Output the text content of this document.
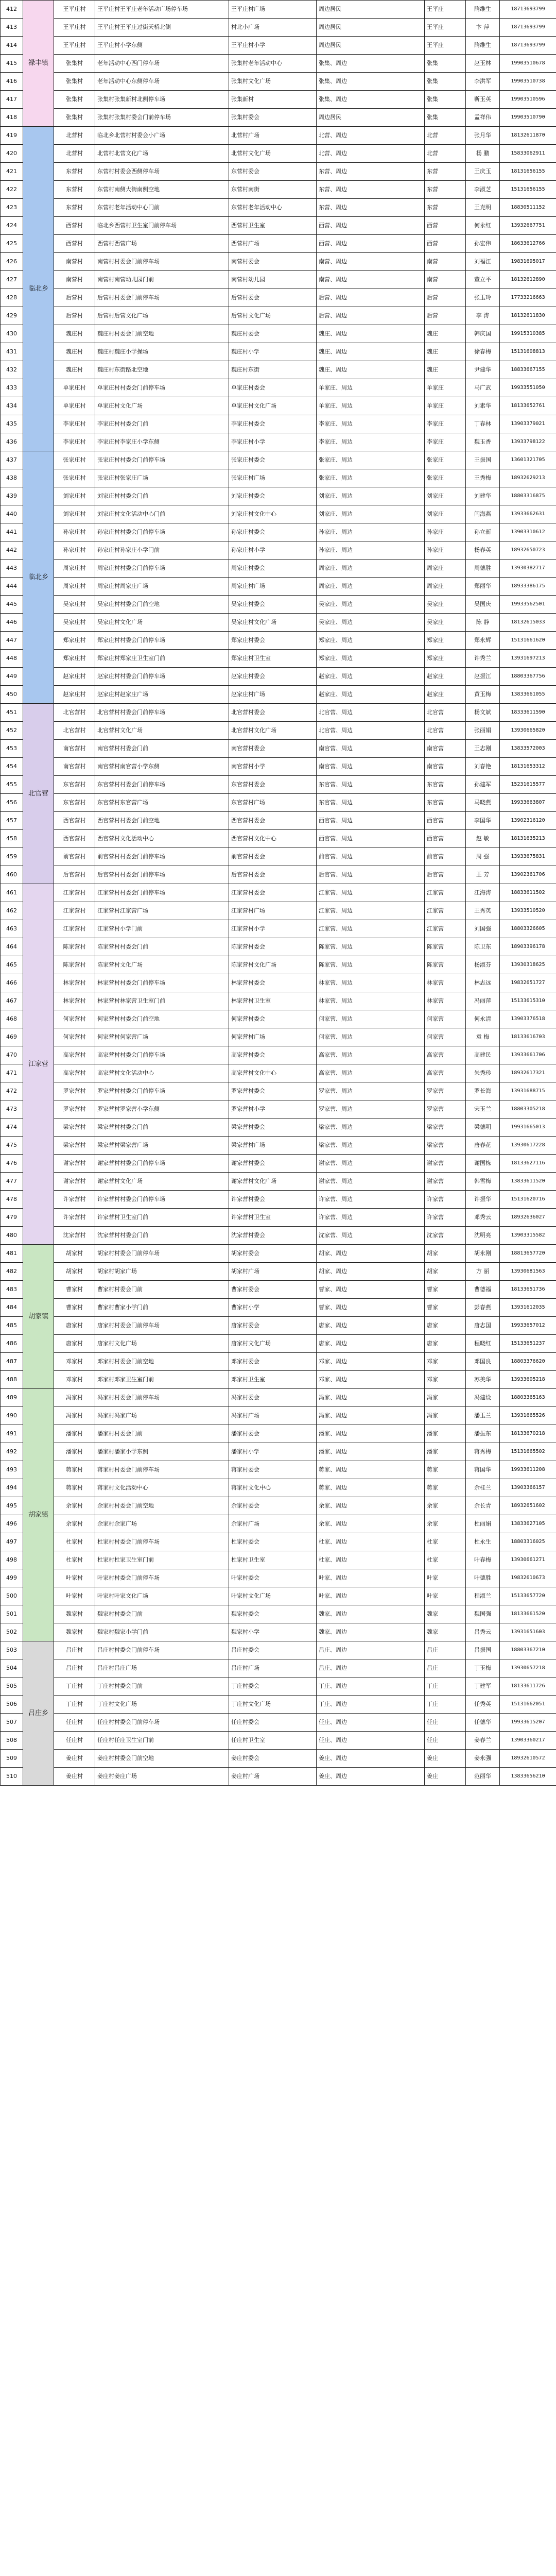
412	禄丰镇	王平庄村	王平庄村王平庄老年活动广场停车场	王平庄村广场	周边居民	王平庄	隋维生	18713693799
413		王平庄村	王平庄村王平庄过街天桥北侧	村北小广场	周边居民	王平庄	卞 萍	18713693799
414		王平庄村	王平庄村小学东侧	王平庄村小学	周边居民	王平庄	隋维生	18713693799
415		张集村	老年活动中心西门停车场	张集村老年活动中心	张集、周边	张集	赵玉林	19903510678
416		张集村	老年活动中心东侧停车场	张集村文化广场	张集、周边	张集	李洪军	19903510738
417		张集村	张集村张集新村北侧停车场	张集新村	张集、周边	张集	靳玉英	19903510596
418		张集村	张集村张集村委会门前停车场	张集村委会	周边居民	张集	孟祥伟	19903510790
419	临北乡	北营村	临北乡北营村村委会小广场	北营村广场	北营、周边	北营	张月华	18132611870
420		北营村	北营村北营文化广场	北营村文化广场	北营、周边	北营	杨 鹏	15833062911
421		东营村	东营村村委会西侧停车场	东营村委会	东营、周边	东营	王庆玉	18131656155
422		东营村	东营村南侧大街南侧空地	东营村南街	东营、周边	东营	李淑芝	15131656155
423		东营村	东营村老年活动中心门前	东营村老年活动中心	东营、周边	东营	王克明	18830511152
424		西营村	临北乡西营村卫生室门前停车场	西营村卫生室	西营、周边	西营	何永红	13932667751
425		西营村	西营村西营广场	西营村广场	西营、周边	西营	孙宏伟	18633612766
426		南营村	南营村村委会门前停车场	南营村委会	南营、周边	南营	刘福江	19831695017
427		南营村	南营村南营幼儿园门前	南营村幼儿园	南营、周边	南营	董立平	18132612890
428		后营村	后营村村委会门前停车场	后营村委会	后营、周边	后营	张玉玲	17733216663
429		后营村	后营村后营文化广场	后营村文化广场	后营、周边	后营	李 涛	18132611830
430		魏庄村	魏庄村村委会门前空地	魏庄村委会	魏庄、周边	魏庄	韩庆国	19915310385
431		魏庄村	魏庄村魏庄小学操场	魏庄村小学	魏庄、周边	魏庄	徐春梅	15131608813
432		魏庄村	魏庄村东街路北空地	魏庄村东街	魏庄、周边	魏庄	尹建华	18833667155
433		单家庄村	单家庄村村委会门前停车场	单家庄村委会	单家庄、周边	单家庄	马广武	19933551050
434		单家庄村	单家庄村文化广场	单家庄村文化广场	单家庄、周边	单家庄	刘素华	18133652761
435		李家庄村	李家庄村村委会门前	李家庄村委会	李家庄、周边	李家庄	丁春林	13903379021
436		李家庄村	李家庄村李家庄小学东侧	李家庄村小学	李家庄、周边	李家庄	魏玉香	13933798122
437	临北乡	张家庄村	张家庄村村委会门前停车场	张家庄村委会	张家庄、周边	张家庄	王振国	13601321705
438		张家庄村	张家庄村张家庄广场	张家庄村广场	张家庄、周边	张家庄	王秀梅	18932629213
439		刘家庄村	刘家庄村村委会门前	刘家庄村委会	刘家庄、周边	刘家庄	刘建华	18803316875
440		刘家庄村	刘家庄村文化活动中心门前	刘家庄村文化中心	刘家庄、周边	刘家庄	闫海燕	13933662631
441		孙家庄村	孙家庄村村委会门前停车场	孙家庄村委会	孙家庄、周边	孙家庄	孙立新	13903310612
442		孙家庄村	孙家庄村孙家庄小学门前	孙家庄村小学	孙家庄、周边	孙家庄	杨春英	18932650723
443		周家庄村	周家庄村村委会门前停车场	周家庄村委会	周家庄、周边	周家庄	周德胜	13930382717
444		周家庄村	周家庄村周家庄广场	周家庄村广场	周家庄、周边	周家庄	郑丽华	18933386175
445		吴家庄村	吴家庄村村委会门前空地	吴家庄村委会	吴家庄、周边	吴家庄	吴国庆	19933562501
446		吴家庄村	吴家庄村文化广场	吴家庄村文化广场	吴家庄、周边	吴家庄	陈 静	18132615033
447		郑家庄村	郑家庄村村委会门前停车场	郑家庄村委会	郑家庄、周边	郑家庄	郑永辉	15131661620
448		郑家庄村	郑家庄村郑家庄卫生室门前	郑家庄村卫生室	郑家庄、周边	郑家庄	许秀兰	13931697213
449		赵家庄村	赵家庄村村委会门前停车场	赵家庄村委会	赵家庄、周边	赵家庄	赵振江	18803367756
450		赵家庄村	赵家庄村赵家庄广场	赵家庄村广场	赵家庄、周边	赵家庄	黄玉梅	13833661055
451	北官营	北官营村	北官营村村委会门前停车场	北官营村委会	北官营、周边	北官营	杨文斌	18333611590
452		北官营村	北官营村文化广场	北官营村文化广场	北官营、周边	北官营	张丽娟	13930665820
453		南官营村	南官营村村委会门前	南官营村委会	南官营、周边	南官营	王志刚	13833572003
454		南官营村	南官营村南官营小学东侧	南官营村小学	南官营、周边	南官营	刘春艳	18131653312
455		东官营村	东官营村村委会门前停车场	东官营村委会	东官营、周边	东官营	孙建军	15231615577
456		东官营村	东官营村东官营广场	东官营村广场	东官营、周边	东官营	马晓燕	19933663807
457		西官营村	西官营村村委会门前空地	西官营村委会	西官营、周边	西官营	李国华	13902316120
458		西官营村	西官营村文化活动中心	西官营村文化中心	西官营、周边	西官营	赵 敏	18131635213
459		前官营村	前官营村村委会门前停车场	前官营村委会	前官营、周边	前官营	周 强	13933675831
460		后官营村	后官营村村委会门前停车场	后官营村委会	后官营、周边	后官营	王 芳	13902361706
461	江家营	江家营村	江家营村村委会门前停车场	江家营村委会	江家营、周边	江家营	江海涛	18833611502
462		江家营村	江家营村江家营广场	江家营村广场	江家营、周边	江家营	王秀英	13933510520
463		江家营村	江家营村小学门前	江家营村小学	江家营、周边	江家营	刘国强	18803326605
464		陈家营村	陈家营村村委会门前	陈家营村委会	陈家营、周边	陈家营	陈卫东	18903396178
465		陈家营村	陈家营村文化广场	陈家营村文化广场	陈家营、周边	陈家营	杨淑芬	13930318625
466		林家营村	林家营村村委会门前停车场	林家营村委会	林家营、周边	林家营	林志远	19832651727
467		林家营村	林家营村林家营卫生室门前	林家营村卫生室	林家营、周边	林家营	冯丽萍	15133615310
468		何家营村	何家营村村委会门前空地	何家营村委会	何家营、周边	何家营	何永清	13903376518
469		何家营村	何家营村何家营广场	何家营村广场	何家营、周边	何家营	袁 梅	18133616703
470		高家营村	高家营村村委会门前停车场	高家营村委会	高家营、周边	高家营	高建民	13933661706
471		高家营村	高家营村文化活动中心	高家营村文化中心	高家营、周边	高家营	朱秀珍	18932617321
472		罗家营村	罗家营村村委会门前停车场	罗家营村委会	罗家营、周边	罗家营	罗长海	13931688715
473		罗家营村	罗家营村罗家营小学东侧	罗家营村小学	罗家营、周边	罗家营	宋玉兰	18803305218
474		梁家营村	梁家营村村委会门前	梁家营村委会	梁家营、周边	梁家营	梁德明	19931665013
475		梁家营村	梁家营村梁家营广场	梁家营村广场	梁家营、周边	梁家营	唐春花	13930617228
476		谢家营村	谢家营村村委会门前停车场	谢家营村委会	谢家营、周边	谢家营	谢国栋	18133627116
477		谢家营村	谢家营村文化广场	谢家营村文化广场	谢家营、周边	谢家营	韩雪梅	13833611520
478		许家营村	许家营村村委会门前停车场	许家营村委会	许家营、周边	许家营	许振华	15131620716
479		许家营村	许家营村卫生室门前	许家营村卫生室	许家营、周边	许家营	邓秀云	18932636027
480		沈家营村	沈家营村村委会门前	沈家营村委会	沈家营、周边	沈家营	沈明亮	13903315582
481	胡家镇	胡家村	胡家村村委会门前停车场	胡家村委会	胡家、周边	胡家	胡永刚	18813657720
482		胡家村	胡家村胡家广场	胡家村广场	胡家、周边	胡家	方 丽	13930681563
483		曹家村	曹家村村委会门前	曹家村委会	曹家、周边	曹家	曹德福	18133651736
484		曹家村	曹家村曹家小学门前	曹家村小学	曹家、周边	曹家	彭春燕	13931612035
485		唐家村	唐家村村委会门前停车场	唐家村委会	唐家、周边	唐家	唐志国	19933657012
486		唐家村	唐家村文化广场	唐家村文化广场	唐家、周边	唐家	程晓红	15133651237
487		邓家村	邓家村村委会门前空地	邓家村委会	邓家、周边	邓家	邓国良	18803376620
488		邓家村	邓家村邓家卫生室门前	邓家村卫生室	邓家、周边	邓家	苏美华	13933605218
489	胡家镇	冯家村	冯家村村委会门前停车场	冯家村委会	冯家、周边	冯家	冯建设	18803365163
490		冯家村	冯家村冯家广场	冯家村广场	冯家、周边	冯家	潘玉兰	13931665526
491		潘家村	潘家村村委会门前	潘家村委会	潘家、周边	潘家	潘振东	18133670218
492		潘家村	潘家村潘家小学东侧	潘家村小学	潘家、周边	潘家	蒋秀梅	15131665502
493		蒋家村	蒋家村村委会门前停车场	蒋家村委会	蒋家、周边	蒋家	蒋国华	19933611208
494		蒋家村	蒋家村文化活动中心	蒋家村文化中心	蒋家、周边	蒋家	余桂兰	13903366157
495		余家村	余家村村委会门前空地	余家村委会	余家、周边	余家	余长青	18932651602
496		余家村	余家村余家广场	余家村广场	余家、周边	余家	杜丽娟	13833627105
497		杜家村	杜家村村委会门前停车场	杜家村委会	杜家、周边	杜家	杜永生	18803316025
498		杜家村	杜家村杜家卫生室门前	杜家村卫生室	杜家、周边	杜家	叶春梅	13930661271
499		叶家村	叶家村村委会门前停车场	叶家村委会	叶家、周边	叶家	叶德胜	19832610673
500		叶家村	叶家村叶家文化广场	叶家村文化广场	叶家、周边	叶家	程淑兰	15133657720
501		魏家村	魏家村村委会门前	魏家村委会	魏家、周边	魏家	魏国强	18133661520
502		魏家村	魏家村魏家小学门前	魏家村小学	魏家、周边	魏家	吕秀云	13931651603
503	吕庄乡	吕庄村	吕庄村村委会门前停车场	吕庄村委会	吕庄、周边	吕庄	吕振国	18803367210
504		吕庄村	吕庄村吕庄广场	吕庄村广场	吕庄、周边	吕庄	丁玉梅	13930657218
505		丁庄村	丁庄村村委会门前	丁庄村委会	丁庄、周边	丁庄	丁建军	18133611726
506		丁庄村	丁庄村文化广场	丁庄村文化广场	丁庄、周边	丁庄	任秀英	15131662051
507		任庄村	任庄村村委会门前停车场	任庄村委会	任庄、周边	任庄	任德华	19933615207
508		任庄村	任庄村任庄卫生室门前	任庄村卫生室	任庄、周边	任庄	姜春兰	13903360217
509		姜庄村	姜庄村村委会门前空地	姜庄村委会	姜庄、周边	姜庄	姜永强	18932610572
510		姜庄村	姜庄村姜庄广场	姜庄村广场	姜庄、周边	姜庄	范丽华	13833656210
